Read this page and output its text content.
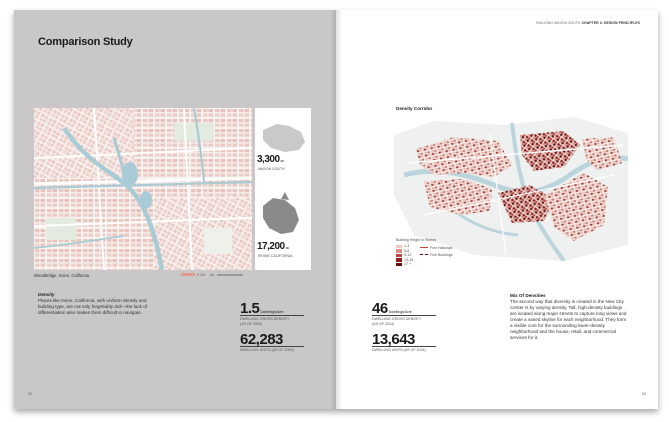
Comparison Study
3,300ac
MASON SOUTH
17,200ac
IRVINE CALIFORNIA
Woodbridge, Irvine, California	0 1/4 mi
Density
Places like Irvine, California, with uniform density and building type, are not only forgettably dull—the lack of differentiation also makes them difficult to navigate.	1.5Dwellings/Acre
DWELLING GROSS DENSITY
(AS OF 2009)
62,283
DWELLING UNITS (AS OF 2009)
82
BUILDING MASON SOUTH CHAPTER 3: DESIGN PRINCIPLES
Density Corridor
Building Height in Stories
1-4
5-8
9-12
13-16
17 +
Fine Hallways
Fine Buildings
46Dwellings/Acre
DWELLING GROSS DENSITY
(AS OF 2014)
13,643
DWELLING UNITS (AS OF 2014)
Mix Of Densities
The second way that diversity is created in the New City Center is by varying density. Tall, high-density buildings are located along major streets to capture long views and create a varied skyline for each neighborhood. They form a visible core for the surrounding lower-density neighborhood and the house, retail, and commercial services for it.
83
